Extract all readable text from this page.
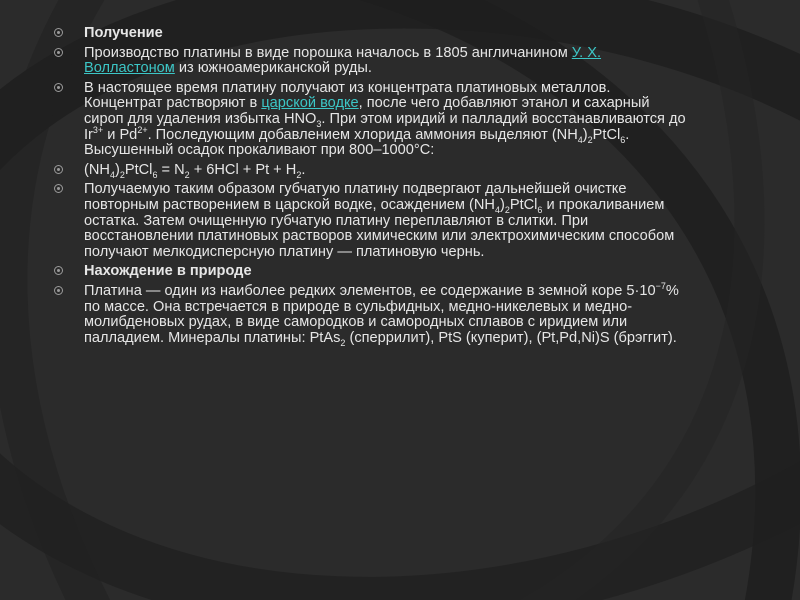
Получение
Производство платины в виде порошка началось в 1805 англичанином У. Х. Волластоном из южноамериканской руды.
В настоящее время платину получают из концентрата платиновых металлов. Концентрат растворяют в царской водке, после чего добавляют этанол и сахарный сироп для удаления избытка $HNO_3$. При этом иридий и палладий восстанавливаются до $Ir^{3+}$ и $Pd^{2+}$. Последующим добавлением хлорида аммония выделяют $(NH_4)_2PtCl_6$. Высушенный осадок прокаливают при 800–1000°C:
$(NH_4)_2PtCl_6 = N_2 + 6HCl + Pt + H_2$.
Получаемую таким образом губчатую платину подвергают дальнейшей очистке повторным растворением в царской водке, осаждением $(NH_4)_2PtCl_6$ и прокаливанием остатка. Затем очищенную губчатую платину переплавляют в слитки. При восстановлении платиновых растворов химическим или электрохимическим способом получают мелкодисперсную платину — платиновую чернь.
Нахождение в природе
Платина — один из наиболее редких элементов, ее содержание в земной коре $5\cdot 10^{-7}\%$ по массе. Она встречается в природе в сульфидных, медно-никелевых и медно-молибденовых рудах, в виде самородков и самородных сплавов с иридием или палладием. Минералы платины: PtAs$_2$ (сперрилит), PtS (куперит), (Pt,Pd,Ni)S (брэггит).
